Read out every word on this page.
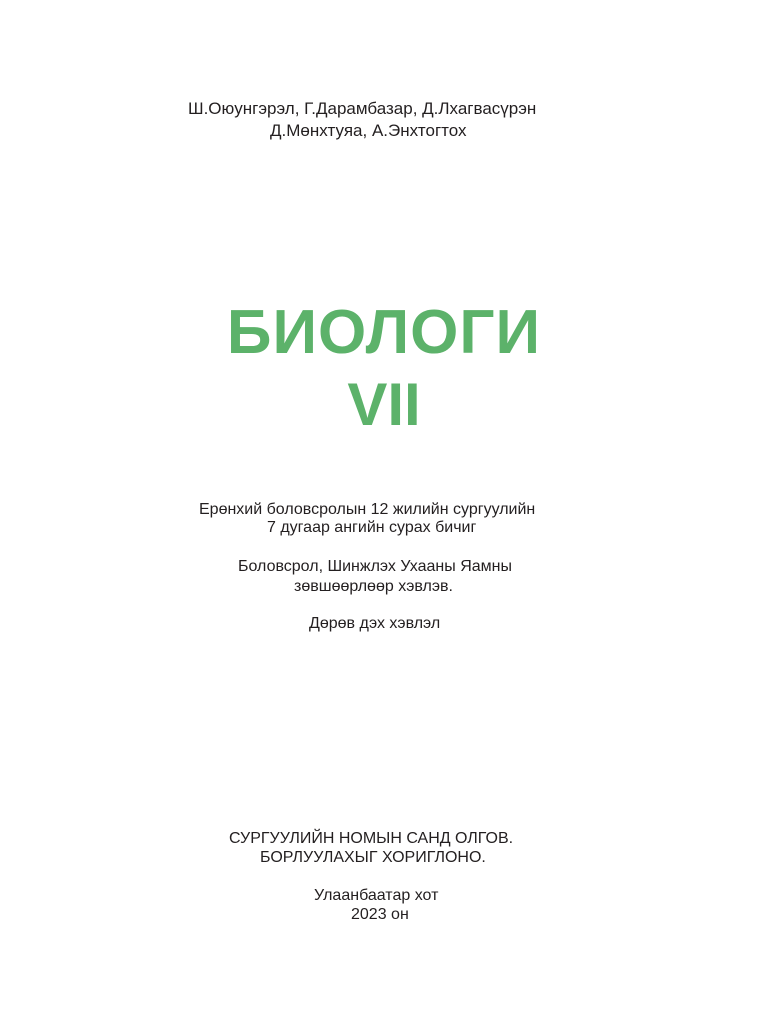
Ш.Оюунгэрэл, Г.Дарамбазар, Д.Лхагвасүрэн
Д.Мөнхтуяа, А.Энхтогтох
БИОЛОГИ
VII
Ерөнхий боловсролын 12 жилийн сургуулийн
7 дугаар ангийн сурах бичиг
Боловсрол, Шинжлэх Ухааны Яамны
зөвшөөрлөөр хэвлэв.
Дөрөв дэх хэвлэл
СУРГУУЛИЙН НОМЫН САНД ОЛГОВ.
БОРЛУУЛАХЫГ ХОРИГЛОНО.
Улаанбаатар хот
2023 он
